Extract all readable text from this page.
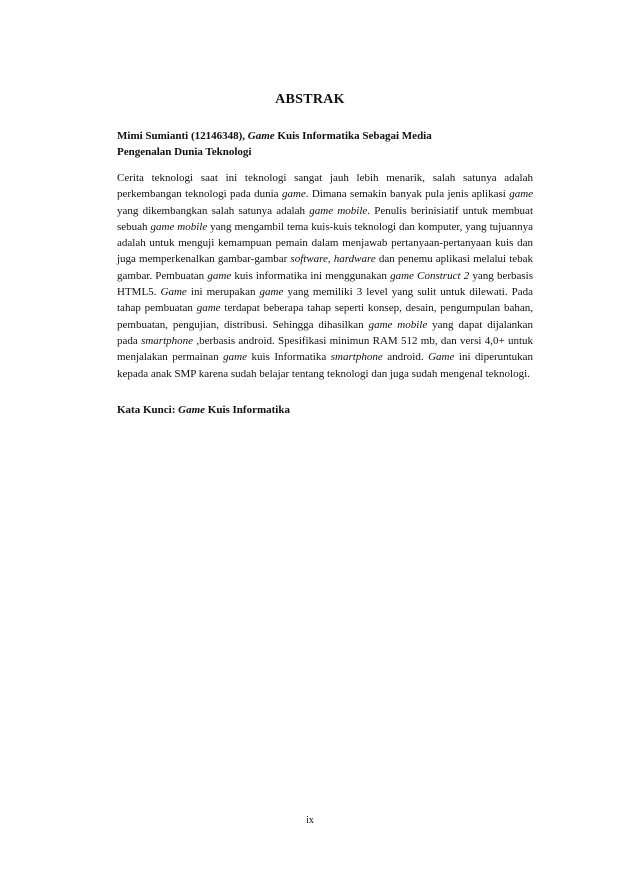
ABSTRAK
Mimi Sumianti (12146348), Game Kuis Informatika Sebagai Media
Pengenalan Dunia Teknologi
Cerita teknologi saat ini teknologi sangat jauh lebih menarik, salah satunya adalah perkembangan teknologi pada dunia game. Dimana semakin banyak pula jenis aplikasi game yang dikembangkan salah satunya adalah game mobile. Penulis berinisiatif untuk membuat sebuah game mobile yang mengambil tema kuis-kuis teknologi dan komputer, yang tujuannya adalah untuk menguji kemampuan pemain dalam menjawab pertanyaan-pertanyaan kuis dan juga memperkenalkan gambar-gambar software, hardware dan penemu aplikasi melalui tebak gambar. Pembuatan game kuis informatika ini menggunakan game Construct 2 yang berbasis HTML5. Game ini merupakan game yang memiliki 3 level yang sulit untuk dilewati. Pada tahap pembuatan game terdapat beberapa tahap seperti konsep, desain, pengumpulan bahan, pembuatan, pengujian, distribusi. Sehingga dihasilkan game mobile yang dapat dijalankan pada smartphone ,berbasis android. Spesifikasi minimun RAM 512 mb, dan versi 4,0+ untuk menjalakan permainan game kuis Informatika smartphone android. Game ini diperuntukan kepada anak SMP karena sudah belajar tentang teknologi dan juga sudah mengenal teknologi.
Kata Kunci: Game Kuis Informatika
ix
